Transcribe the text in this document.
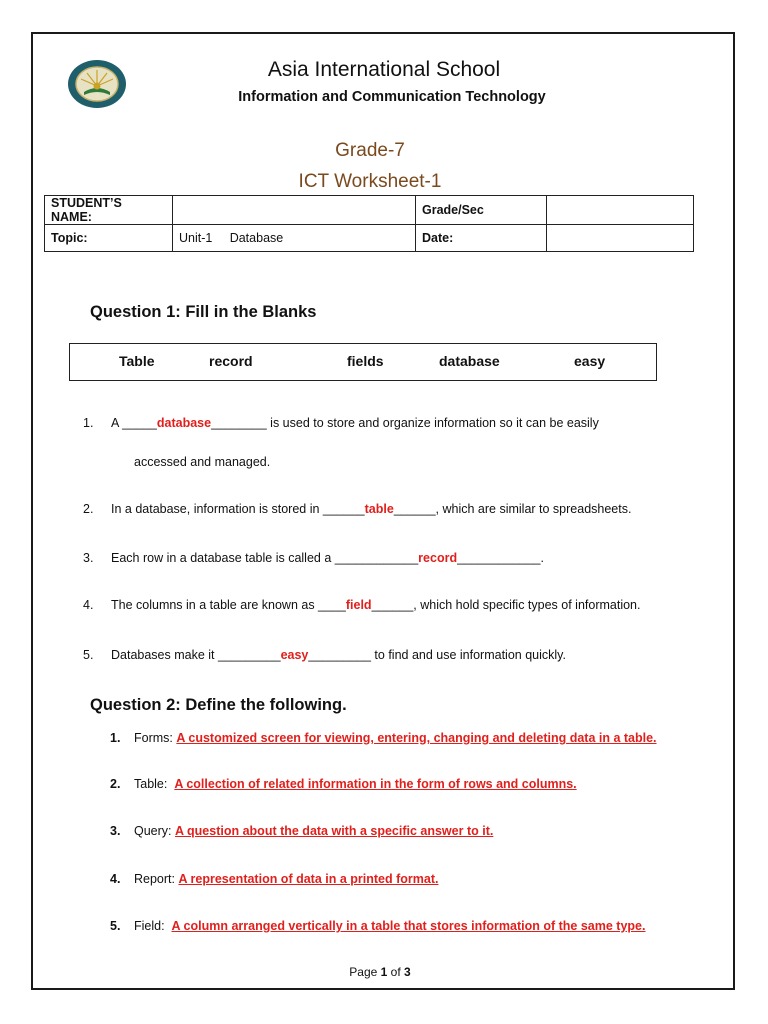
Asia International School
Information and Communication Technology
Grade-7
ICT Worksheet-1
STUDENT’S NAME:		Grade/Sec	
Topic:	Unit-1     Database	Date:	
Question 1: Fill in the Blanks
Table	record	fields	database	easy
1. A _____database________ is used to store and organize information so it can be easily
accessed and managed.
2. In a database, information is stored in ______table______, which are similar to spreadsheets.
3. Each row in a database table is called a ____________record____________.
4. The columns in a table are known as ____field______, which hold specific types of information.
5. Databases make it _________easy_________ to find and use information quickly.
Question 2: Define the following.
1. Forms: A customized screen for viewing, entering, changing and deleting data in a table.
2. Table:  A collection of related information in the form of rows and columns.
3. Query: A question about the data with a specific answer to it.
4. Report: A representation of data in a printed format.
5. Field:  A column arranged vertically in a table that stores information of the same type.
Page 1 of 3
